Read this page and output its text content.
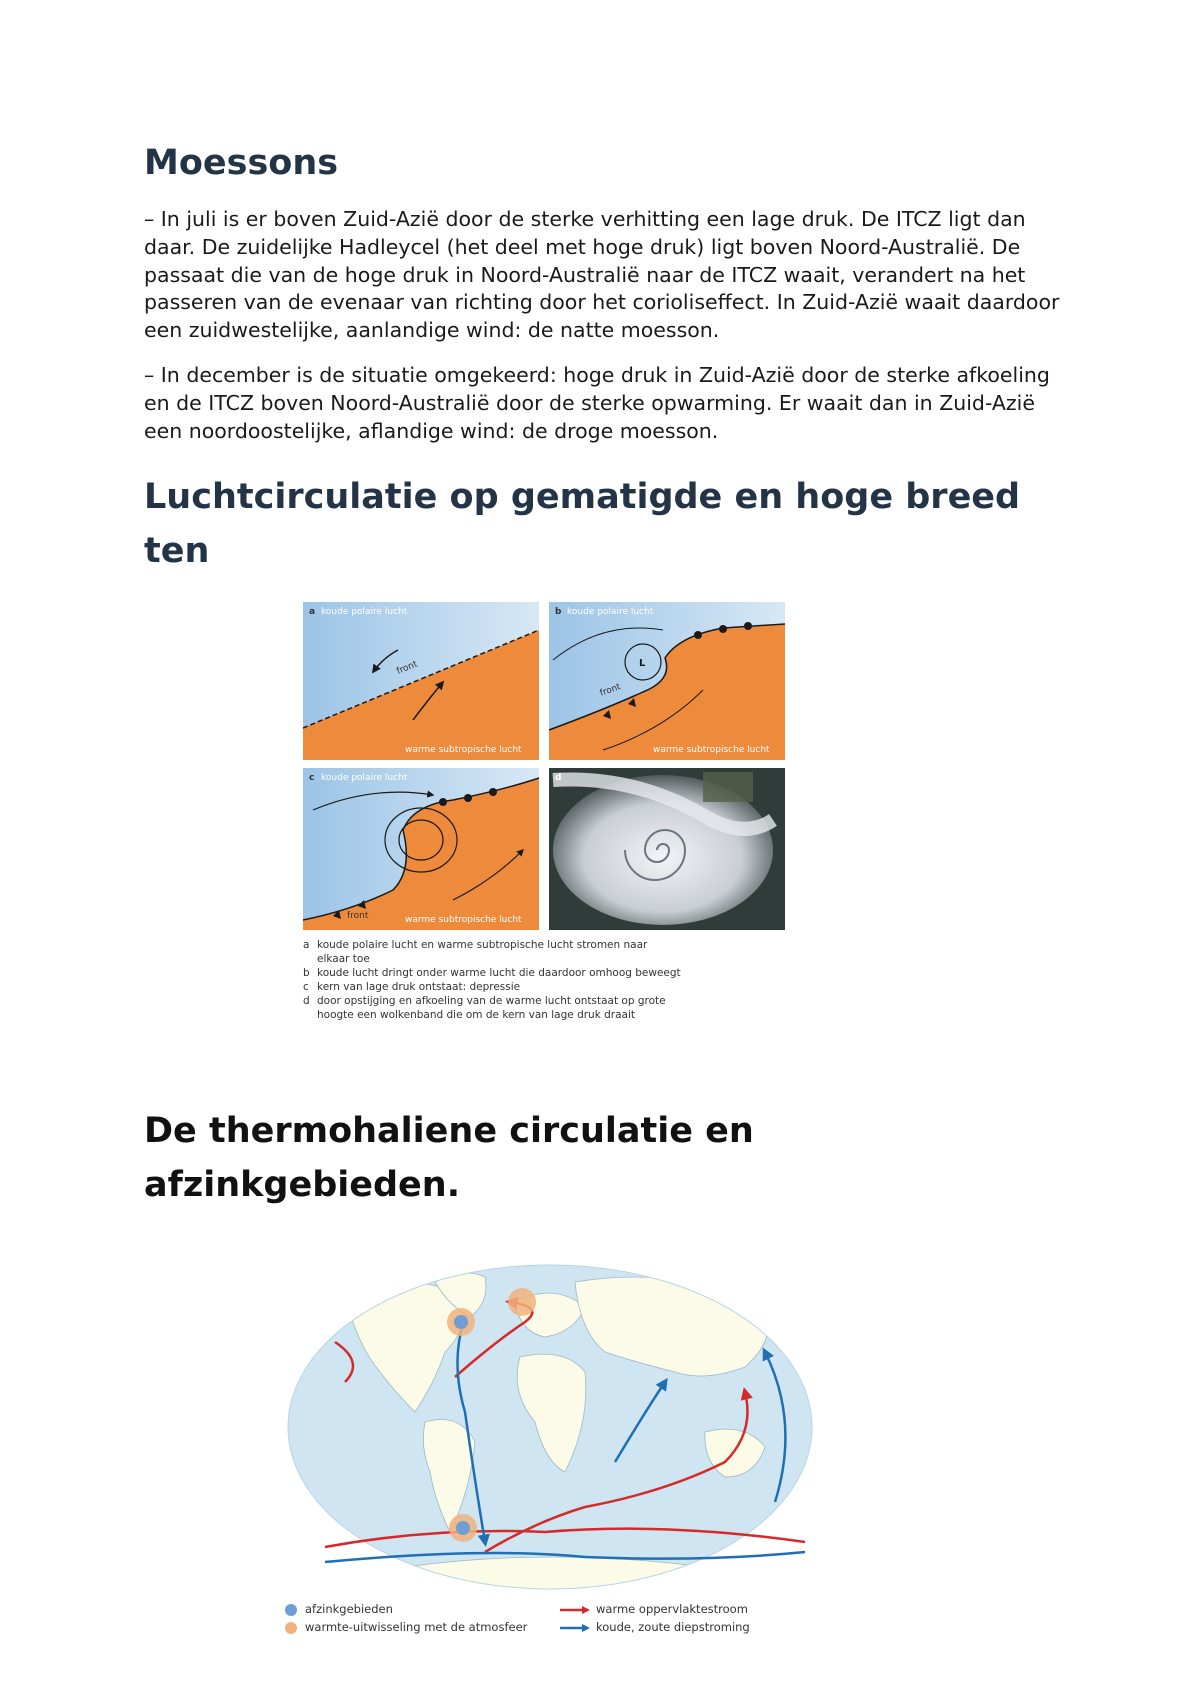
Moessons

– In juli is er boven Zuid-Azië door de sterke verhitting een lage druk. De ITCZ ligt dan daar. De zuidelijke Hadleycel (het deel met hoge druk) ligt boven Noord-Australië. De passaat die van de hoge druk in Noord-Australië naar de ITCZ waait, verandert na het passeren van de evenaar van richting door het corioliseffect. In Zuid-Azië waait daardoor een zuidwestelijke, aanlandige wind: de natte moesson.

– In december is de situatie omgekeerd: hoge druk in Zuid-Azië door de sterke afkoeling en de ITCZ boven Noord-Australië door de sterke opwarming. Er waait dan in Zuid-Azië een noordoostelijke, aflandige wind: de droge moesson.

Luchtcirculatie op gematigde en hoge breed
ten
a koude polaire lucht
front
warme subtropische lucht
b koude polaire lucht
L
front
warme subtropische lucht
c koude polaire lucht
front	warme subtropische lucht
d
a koude polaire lucht en warme subtropische lucht stromen naar
elkaar toe
b koude lucht dringt onder warme lucht die daardoor omhoog beweegt
c kern van lage druk ontstaat: depressie
d door opstijging en afkoeling van de warme lucht ontstaat op grote
hoogte een wolkenband die om de kern van lage druk draait
De thermohaliene circulatie en
afzinkgebieden.
afzinkgebieden
warmte-uitwisseling met de atmosfeer
warme oppervlaktestroom
koude, zoute diepstroming
